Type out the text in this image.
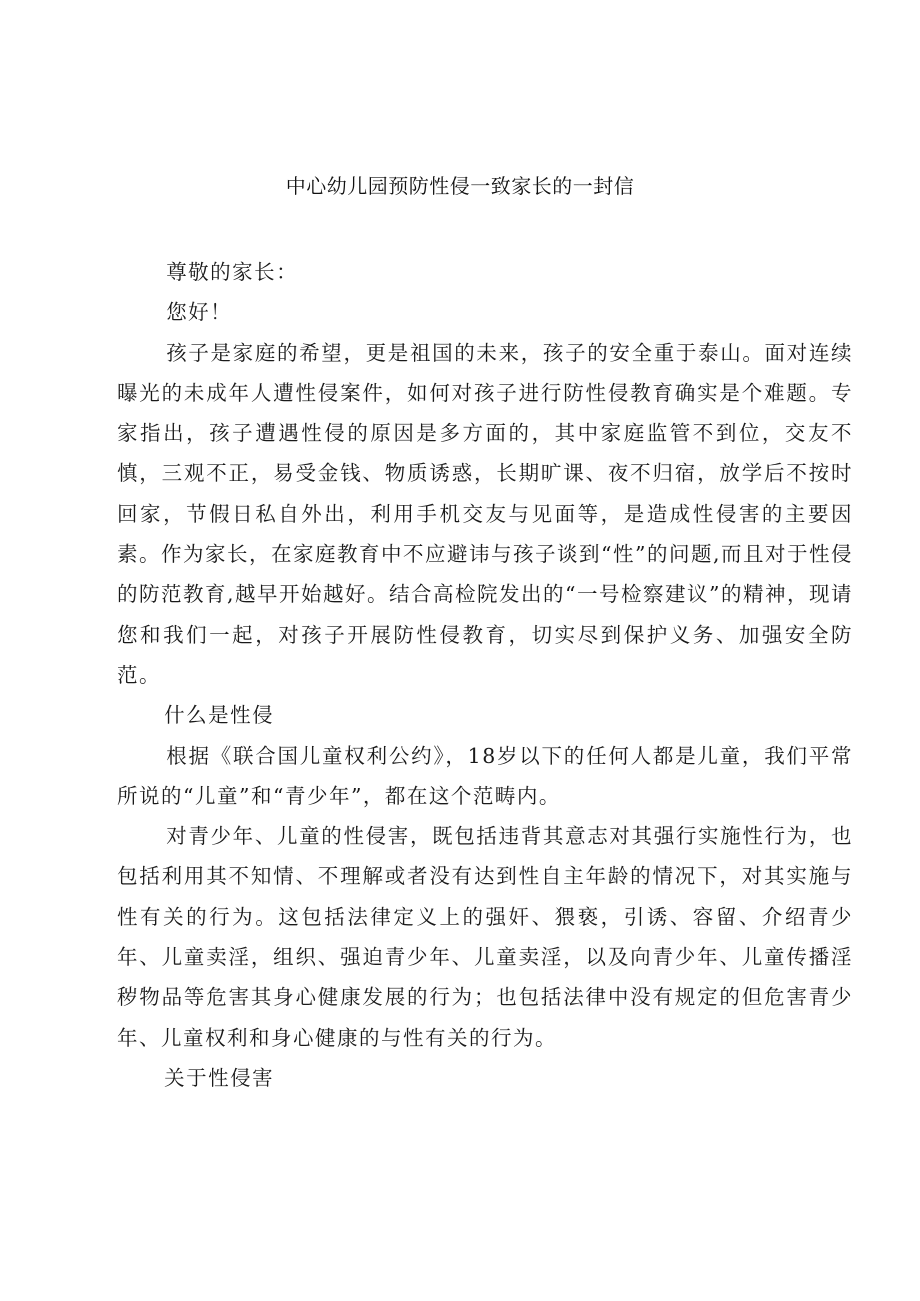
中心幼儿园预防性侵一致家长的一封信

尊敬的家长：

您好！

孩子是家庭的希望，更是祖国的未来，孩子的安全重于泰山。面对连续曝光的未成年人遭性侵案件，如何对孩子进行防性侵教育确实是个难题。专家指出，孩子遭遇性侵的原因是多方面的，其中家庭监管不到位，交友不慎，三观不正，易受金钱、物质诱惑，长期旷课、夜不归宿，放学后不按时回家，节假日私自外出，利用手机交友与见面等，是造成性侵害的主要因素。作为家长，在家庭教育中不应避讳与孩子谈到“性”的问题,而且对于性侵的防范教育,越早开始越好。结合高检院发出的“一号检察建议”的精神，现请您和我们一起，对孩子开展防性侵教育，切实尽到保护义务、加强安全防范。

什么是性侵

根据《联合国儿童权利公约》，18岁以下的任何人都是儿童，我们平常所说的“儿童”和“青少年”，都在这个范畴内。

对青少年、儿童的性侵害，既包括违背其意志对其强行实施性行为，也包括利用其不知情、不理解或者没有达到性自主年龄的情况下，对其实施与性有关的行为。这包括法律定义上的强奸、猥亵，引诱、容留、介绍青少年、儿童卖淫，组织、强迫青少年、儿童卖淫，以及向青少年、儿童传播淫秽物品等危害其身心健康发展的行为；也包括法律中没有规定的但危害青少年、儿童权利和身心健康的与性有关的行为。

关于性侵害
